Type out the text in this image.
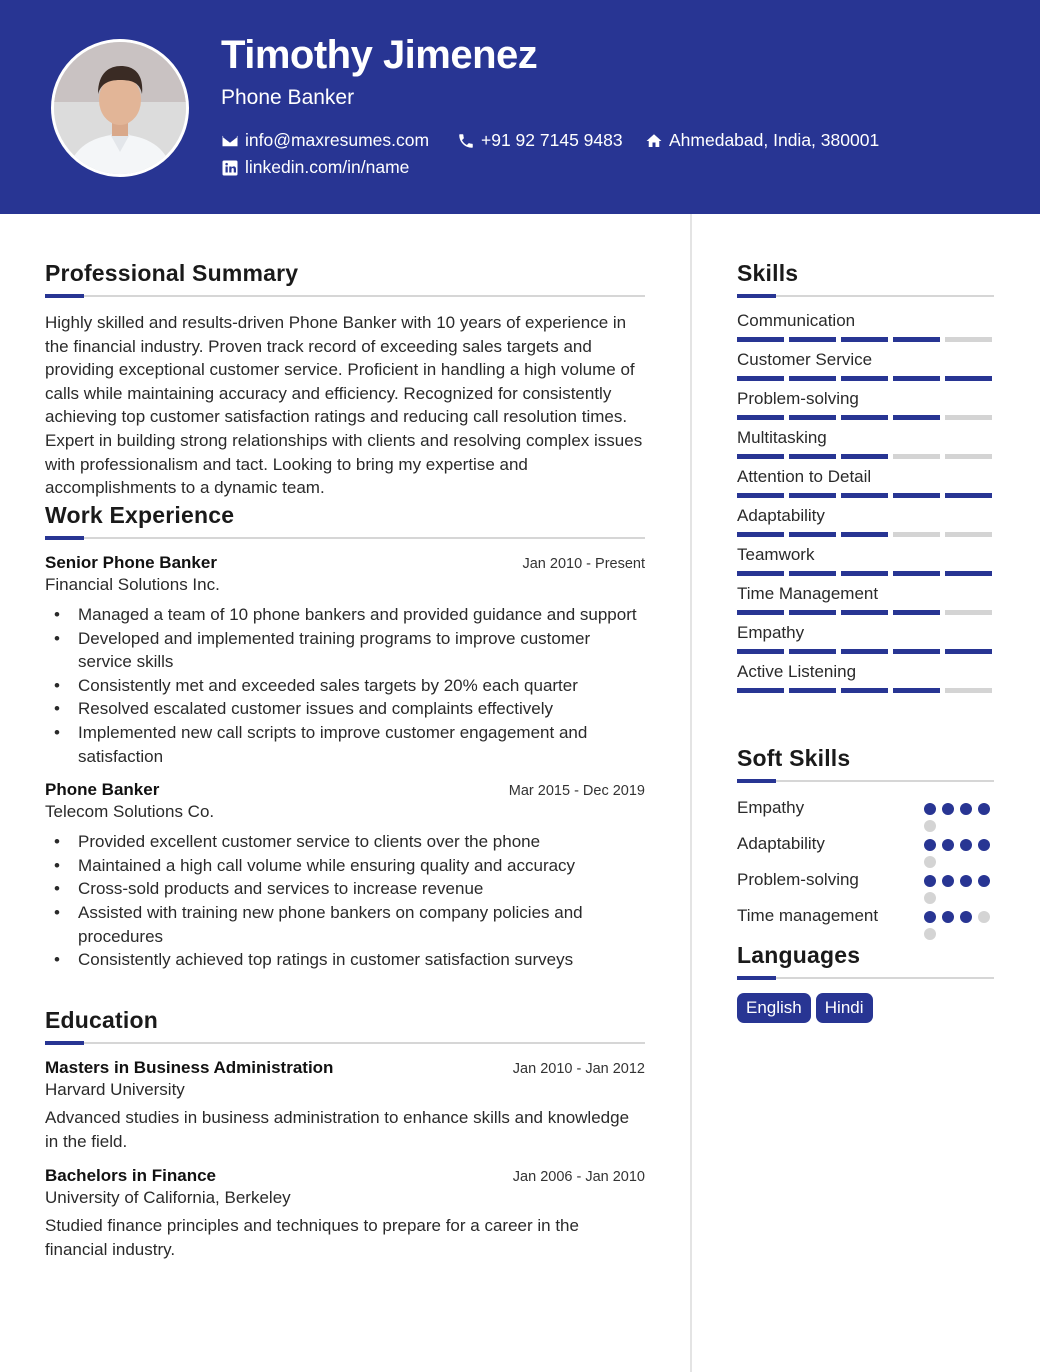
Timothy Jimenez
Phone Banker
info@maxresumes.com	+91 92 7145 9483	Ahmedabad, India, 380001
linkedin.com/in/name
Professional Summary
Highly skilled and results-driven Phone Banker with 10 years of experience in the financial industry. Proven track record of exceeding sales targets and providing exceptional customer service. Proficient in handling a high volume of calls while maintaining accuracy and efficiency. Recognized for consistently achieving top customer satisfaction ratings and reducing call resolution times. Expert in building strong relationships with clients and resolving complex issues with professionalism and tact. Looking to bring my expertise and accomplishments to a dynamic team.
Work Experience
Senior Phone Banker	Jan 2010 - Present
Financial Solutions Inc.
• Managed a team of 10 phone bankers and provided guidance and support
• Developed and implemented training programs to improve customer service skills
• Consistently met and exceeded sales targets by 20% each quarter
• Resolved escalated customer issues and complaints effectively
• Implemented new call scripts to improve customer engagement and satisfaction
Phone Banker	Mar 2015 - Dec 2019
Telecom Solutions Co.
• Provided excellent customer service to clients over the phone
• Maintained a high call volume while ensuring quality and accuracy
• Cross-sold products and services to increase revenue
• Assisted with training new phone bankers on company policies and procedures
• Consistently achieved top ratings in customer satisfaction surveys
Education
Masters in Business Administration	Jan 2010 - Jan 2012
Harvard University
Advanced studies in business administration to enhance skills and knowledge in the field.
Bachelors in Finance	Jan 2006 - Jan 2010
University of California, Berkeley
Studied finance principles and techniques to prepare for a career in the financial industry.
Skills
Communication
Customer Service
Problem-solving
Multitasking
Attention to Detail
Adaptability
Teamwork
Time Management
Empathy
Active Listening
Soft Skills
Empathy
Adaptability
Problem-solving
Time management
Languages
English Hindi
